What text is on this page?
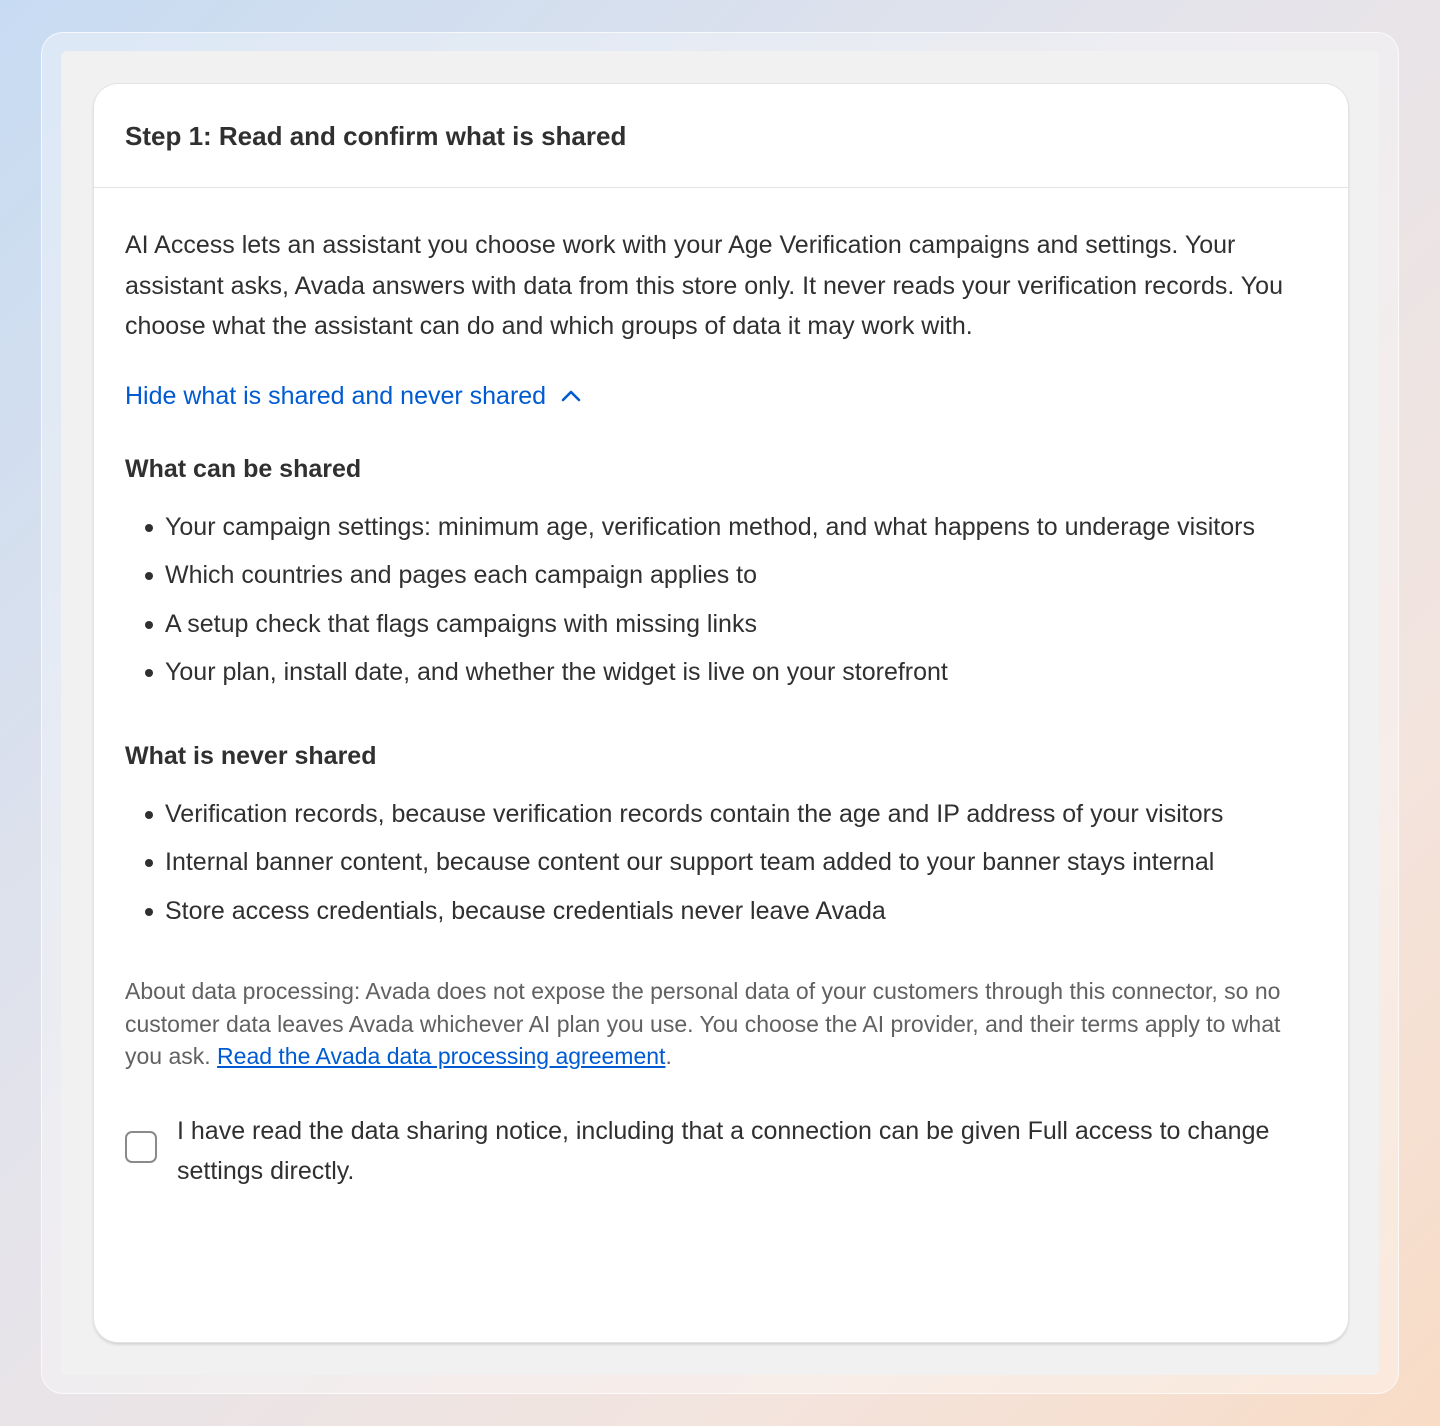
Step 1: Read and confirm what is shared

AI Access lets an assistant you choose work with your Age Verification campaigns and settings. Your assistant asks, Avada answers with data from this store only. It never reads your verification records. You choose what the assistant can do and which groups of data it may work with.

Hide what is shared and never shared
What can be shared
Your campaign settings: minimum age, verification method, and what happens to underage visitors
Which countries and pages each campaign applies to
A setup check that flags campaigns with missing links
Your plan, install date, and whether the widget is live on your storefront
What is never shared
Verification records, because verification records contain the age and IP address of your visitors
Internal banner content, because content our support team added to your banner stays internal
Store access credentials, because credentials never leave Avada

About data processing: Avada does not expose the personal data of your customers through this connector, so no customer data leaves Avada whichever AI plan you use. You choose the AI provider, and their terms apply to what you ask. Read the Avada data processing agreement.

I have read the data sharing notice, including that a connection can be given Full access to change settings directly.
